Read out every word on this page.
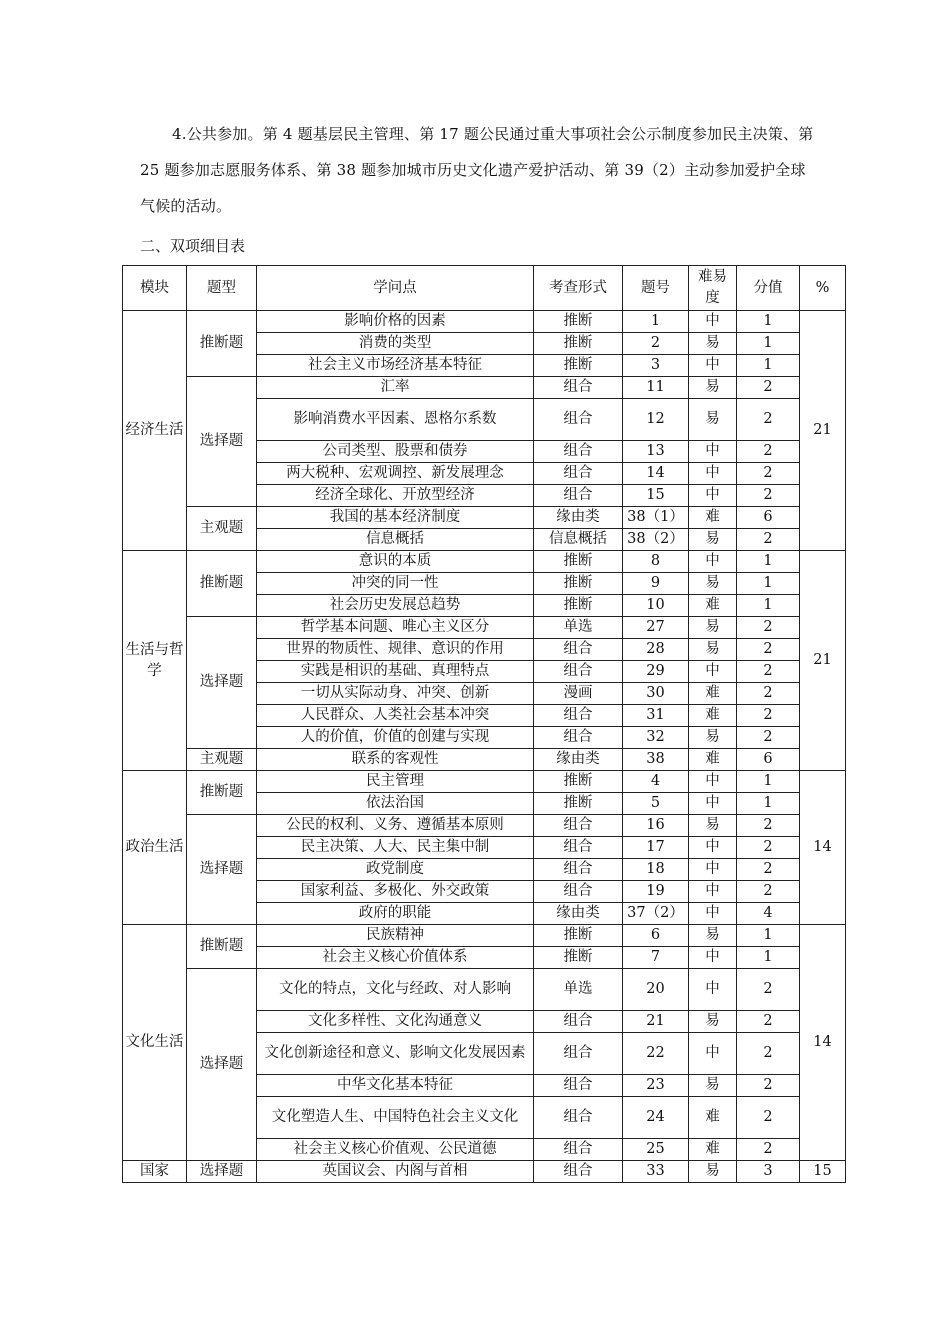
4.公共参加。第 4 题基层民主管理、第 17 题公民通过重大事项社会公示制度参加民主决策、第 25 题参加志愿服务体系、第 38 题参加城市历史文化遗产爱护活动、第 39（2）主动参加爱护全球气候的活动。
二、双项细目表
模块	题型	学问点	考查形式	题号	难易度	分值	%
经济生活	推断题	影响价格的因素	推断	1	中	1	21
		消费的类型	推断	2	易	1	
		社会主义市场经济基本特征	推断	3	中	1	
	选择题	汇率	组合	11	易	2	
		影响消费水平因素、恩格尔系数	组合	12	易	2	
		公司类型、股票和债券	组合	13	中	2	
		两大税种、宏观调控、新发展理念	组合	14	中	2	
		经济全球化、开放型经济	组合	15	中	2	
	主观题	我国的基本经济制度	缘由类	38（1）	难	6	
		信息概括	信息概括	38（2）	易	2	
生活与哲学	推断题	意识的本质	推断	8	中	1	21
		冲突的同一性	推断	9	易	1	
		社会历史发展总趋势	推断	10	难	1	
	选择题	哲学基本问题、唯心主义区分	单选	27	易	2	
		世界的物质性、规律、意识的作用	组合	28	易	2	
		实践是相识的基础、真理特点	组合	29	中	2	
		一切从实际动身、冲突、创新	漫画	30	难	2	
		人民群众、人类社会基本冲突	组合	31	难	2	
		人的价值，价值的创建与实现	组合	32	易	2	
	主观题	联系的客观性	缘由类	38	难	6	
政治生活	推断题	民主管理	推断	4	中	1	14
		依法治国	推断	5	中	1	
	选择题	公民的权利、义务、遵循基本原则	组合	16	易	2	
		民主决策、人大、民主集中制	组合	17	中	2	
		政党制度	组合	18	中	2	
		国家利益、多极化、外交政策	组合	19	中	2	
		政府的职能	缘由类	37（2）	中	4	
文化生活	推断题	民族精神	推断	6	易	1	14
		社会主义核心价值体系	推断	7	中	1	
	选择题	文化的特点，文化与经政、对人影响	单选	20	中	2	
		文化多样性、文化沟通意义	组合	21	易	2	
		文化创新途径和意义、影响文化发展因素	组合	22	中	2	
		中华文化基本特征	组合	23	易	2	
		文化塑造人生、中国特色社会主义文化	组合	24	难	2	
		社会主义核心价值观、公民道德	组合	25	难	2	
国家	选择题	英国议会、内阁与首相	组合	33	易	3	15
